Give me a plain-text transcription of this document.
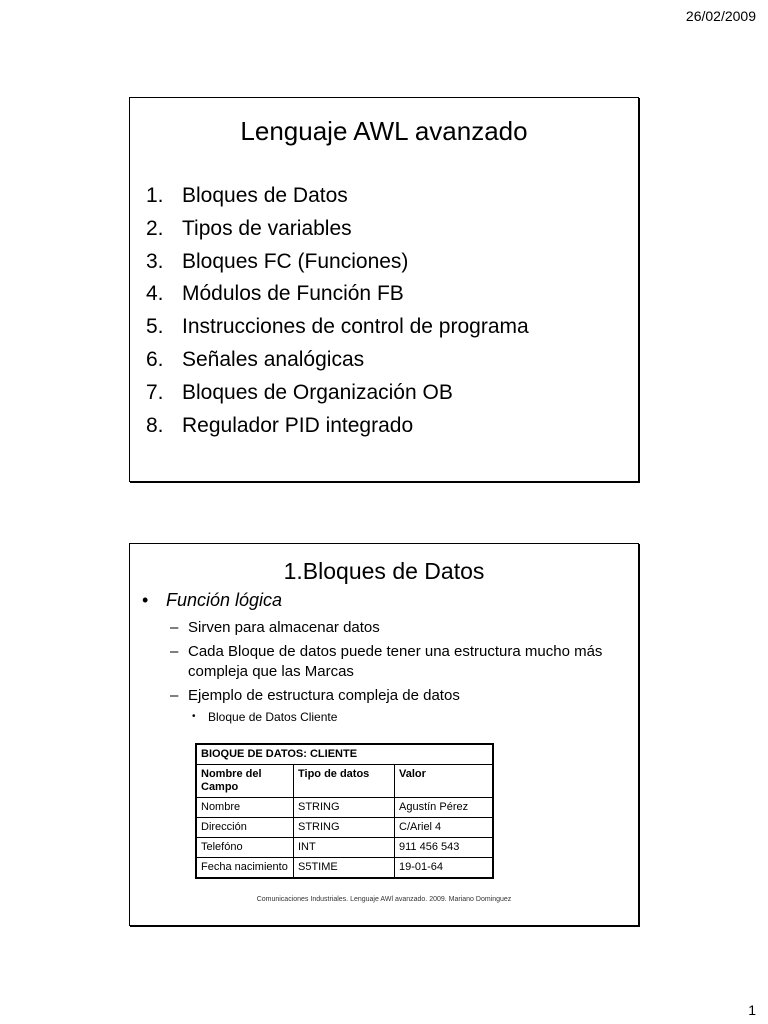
26/02/2009
Lenguaje AWL avanzado
1. Bloques de Datos
2. Tipos de variables
3. Bloques FC (Funciones)
4. Módulos de Función FB
5. Instrucciones de control de programa
6. Señales analógicas
7. Bloques de Organización OB
8. Regulador PID integrado
1.Bloques de Datos
• Función lógica
– Sirven para almacenar datos
– Cada Bloque de datos puede tener una estructura mucho más compleja que las Marcas
– Ejemplo de estructura compleja de datos
• Bloque de Datos Cliente
BIOQUE DE DATOS: CLIENTE		
Nombre del Campo	Tipo de datos	Valor
Nombre	STRING	Agustín Pérez
Dirección	STRING	C/Ariel 4
Telefóno	INT	911 456 543
Fecha nacimiento	S5TIME	19-01-64
Comunicaciones Industriales. Lenguaje AWl avanzado. 2009. Mariano Dominguez
1
